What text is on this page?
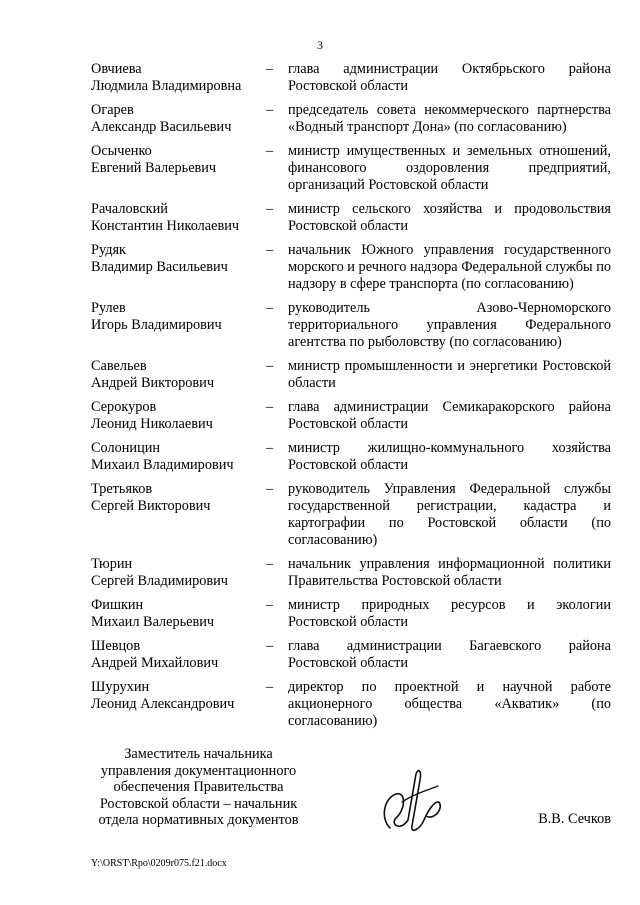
3
Овчиева
Людмила Владимировна
–	глава администрации Октябрьского района Ростовской области
Огарев
Александр Васильевич
–	председатель совета некоммерческого партнерства «Водный транспорт Дона» (по согласованию)
Осыченко
Евгений Валерьевич
–	министр имущественных и земельных отношений, финансового оздоровления предприятий, организаций Ростовской области
Рачаловский
Константин Николаевич
–	министр сельского хозяйства и продовольствия Ростовской области
Рудяк
Владимир Васильевич
–	начальник Южного управления государственного морского и речного надзора Федеральной службы по надзору в сфере транспорта (по согласованию)
Рулев
Игорь Владимирович
–	руководитель Азово-Черноморского территориального управления Федерального агентства по рыболовству (по согласованию)
Савельев
Андрей Викторович
–	министр промышленности и энергетики Ростовской области
Серокуров
Леонид Николаевич
–	глава администрации Семикаракорского района Ростовской области
Солоницин
Михаил Владимирович
–	министр жилищно-коммунального хозяйства Ростовской области
Третьяков
Сергей Викторович
–	руководитель Управления Федеральной службы государственной регистрации, кадастра и картографии по Ростовской области (по согласованию)
Тюрин
Сергей Владимирович
–	начальник управления информационной политики Правительства Ростовской области
Фишкин
Михаил Валерьевич
–	министр природных ресурсов и экологии Ростовской области
Шевцов
Андрей Михайлович
–	глава администрации Багаевского района Ростовской области
Шурухин
Леонид Александрович
–	директор по проектной и научной работе акционерного общества «Акватик» (по согласованию)
Заместитель начальника
управления документационного
обеспечения Правительства
Ростовской области – начальник
отдела нормативных документов	В.В. Сечков
Y:\ORST\Rpo\0209r075.f21.docx
